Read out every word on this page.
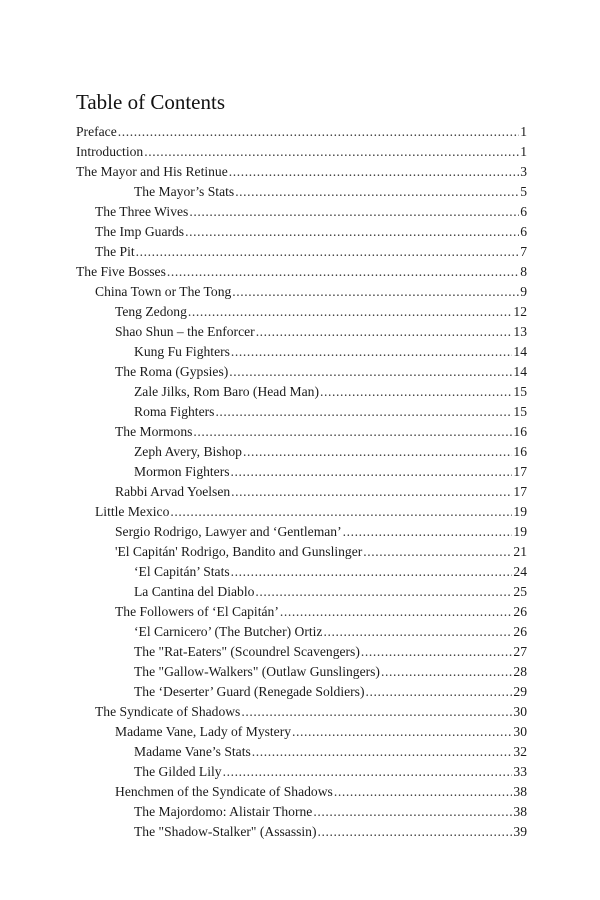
Table of Contents
Preface .....	1
Introduction .....	1
The Mayor and His Retinue .....	3
The Mayor’s Stats .....	5
The Three Wives .....	6
The Imp Guards .....	6
The Pit .....	7
The Five Bosses .....	8
China Town or The Tong .....	9
Teng Zedong .....	12
Shao Shun – the Enforcer .....	13
Kung Fu Fighters .....	14
The Roma (Gypsies) .....	14
Zale Jilks, Rom Baro (Head Man) .....	15
Roma Fighters .....	15
The Mormons .....	16
Zeph Avery, Bishop .....	16
Mormon Fighters .....	17
Rabbi Arvad Yoelsen .....	17
Little Mexico .....	19
Sergio Rodrigo, Lawyer and ‘Gentleman’ .....	19
'El Capitán' Rodrigo, Bandito and Gunslinger .....	21
‘El Capitán’ Stats .....	24
La Cantina del Diablo .....	25
The Followers of ‘El Capitán’ .....	26
‘El Carnicero’ (The Butcher) Ortiz .....	26
The "Rat-Eaters" (Scoundrel Scavengers) .....	27
The "Gallow-Walkers" (Outlaw Gunslingers) .....	28
The ‘Deserter’ Guard (Renegade Soldiers) .....	29
The Syndicate of Shadows .....	30
Madame Vane, Lady of Mystery .....	30
Madame Vane’s Stats .....	32
The Gilded Lily .....	33
Henchmen of the Syndicate of Shadows .....	38
The Majordomo: Alistair Thorne .....	38
The "Shadow-Stalker" (Assassin) .....	39
